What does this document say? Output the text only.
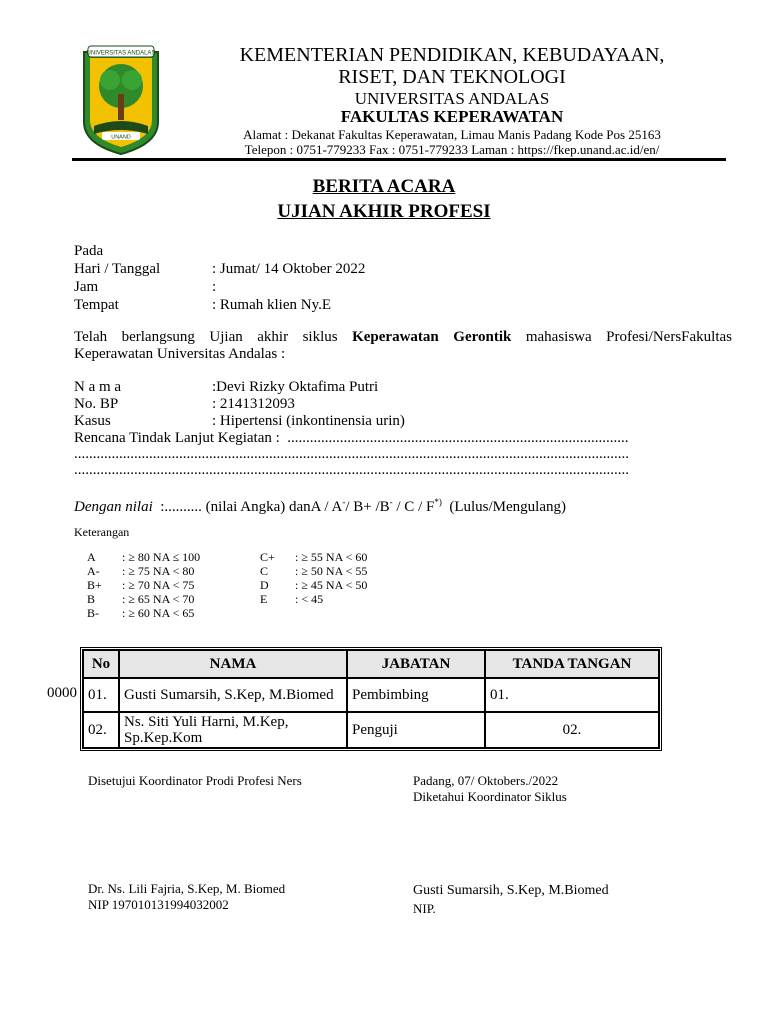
UNIVERSITAS ANDALAS
UNAND
KEMENTERIAN PENDIDIKAN, KEBUDAYAAN,
RISET, DAN TEKNOLOGI
UNIVERSITAS ANDALAS
FAKULTAS KEPERAWATAN
Alamat : Dekanat Fakultas Keperawatan, Limau Manis Padang Kode Pos 25163
Telepon : 0751-779233 Fax : 0751-779233 Laman : https://fkep.unand.ac.id/en/
BERITA ACARA
UJIAN AKHIR PROFESI
Pada
Hari / Tanggal	: Jumat/ 14 Oktober 2022
Jam	:
Tempat	: Rumah klien Ny.E
Telah berlangsung Ujian akhir siklus Keperawatan Gerontik mahasiswa Profesi/NersFakultas
Keperawatan Universitas Andalas :
N a m a	:Devi Rizky Oktafima Putri
No. BP	: 2141312093
Kasus	: Hipertensi (inkontinensia urin)
Rencana Tindak Lanjut Kegiatan :  ...........................................................................................
....................................................................................................................................................
....................................................................................................................................................
Dengan nilai  :.......... (nilai Angka) danA / A-/ B+ /B- / C / F*)  (Lulus/Mengulang)
Keterangan
A	: ≥ 80 NA ≤ 100
A-	: ≥ 75 NA < 80
B+	: ≥ 70 NA < 75
B	: ≥ 65 NA < 70
B-	: ≥ 60 NA < 65
C+	: ≥ 55 NA < 60
C	: ≥ 50 NA < 55
D	: ≥ 45 NA < 50
E	: < 45
0000
No	NAMA	JABATAN	TANDA TANGAN
01.	Gusti Sumarsih, S.Kep, M.Biomed	Pembimbing	01.
02.	Ns. Siti Yuli Harni, M.Kep, Sp.Kep.Kom	Penguji	02.
Disetujui Koordinator Prodi Profesi Ners	Padang, 07/ Oktobers./2022
Diketahui Koordinator Siklus
Dr. Ns. Lili Fajria, S.Kep, M. Biomed
NIP 197010131994032002
Gusti Sumarsih, S.Kep, M.Biomed
NIP.
